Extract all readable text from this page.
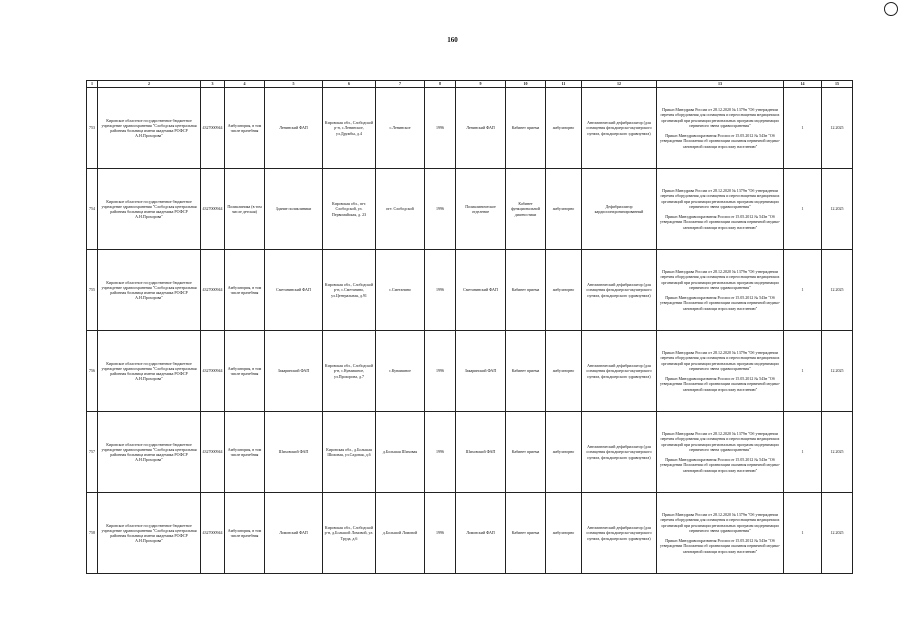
160
1	2	3	4	5	6	7	8	9	10	11	12	13	14	15
753	Кировское областное государственное бюджетное учреждение здравоохранения "Слободская центральная районная больница имени академика РОФСР А.Н.Прохорова"	4327000944	Амбулатория, в том числе врачебная	Ленинский ФАП	Кировская обл., Слободской р-н, с.Ленинское, ул.Дружбы, д.4	с.Ленинское	1996	Ленинский ФАП	Кабинет приема	амбулаторно	Автоматический дефибриллятор (для оснащения фельдшерско-акушерского пункта, фельдшерского здравпункта)	Приказ Минздрава России от 28.12.2020 № 1379н "Об утверждении перечня оборудования для оснащения и переоснащения медицинских организаций при реализации региональных программ модернизации первичного звена здравоохранения"
Приказ Минздравсоцразвития России от 15.05.2012 № 543н "Об утверждении Положения об организации оказания первичной медико-санитарной помощи взрослому населению"	1	12.2025
754	Кировское областное государственное бюджетное учреждение здравоохранения "Слободская центральная районная больница имени академика РОФСР А.Н.Прохорова"	4327000944	Поликлиника (в том числе детская)	Здание поликлиники	Кировская обл., пгт. Слободской, ул. Первомайская, д. 23	пгт. Слободской	1996	Поликлиническое отделение	Кабинет функциональной диагностики	амбулаторно	Дефибриллятор кардиосинхронизированный	Приказ Минздрава России от 28.12.2020 № 1379н "Об утверждении перечня оборудования для оснащения и переоснащения медицинских организаций при реализации региональных программ модернизации первичного звена здравоохранения"
Приказ Минздравсоцразвития России от 15.05.2012 № 543н "Об утверждении Положения об организации оказания первичной медико-санитарной помощи взрослому населению"	1	12.2025
755	Кировское областное государственное бюджетное учреждение здравоохранения "Слободская центральная районная больница имени академика РОФСР А.Н.Прохорова"	4327000944	Амбулатория, в том числе врачебная	Сметанинский ФАП	Кировская обл., Слободской р-н, с.Сметанино, ул.Центральная, д.91	с.Сметанино	1996	Сметанинский ФАП	Кабинет приема	амбулаторно	Автоматический дефибриллятор (для оснащения фельдшерско-акушерского пункта, фельдшерского здравпункта)	Приказ Минздрава России от 28.12.2020 № 1379н "Об утверждении перечня оборудования для оснащения и переоснащения медицинских организаций при реализации региональных программ модернизации первичного звена здравоохранения"
Приказ Минздравсоцразвития России от 15.05.2012 № 543н "Об утверждении Положения об организации оказания первичной медико-санитарной помощи взрослому населению"	1	12.2025
756	Кировское областное государственное бюджетное учреждение здравоохранения "Слободская центральная районная больница имени академика РОФСР А.Н.Прохорова"	4327000944	Амбулатория, в том числе врачебная	Закаринский ФАП	Кировская обл., Слободской р-н, с.Куваишное, ул.Прохорова, д.7	с.Куваишное	1996	Закаринский ФАП	Кабинет приема	амбулаторно	Автоматический дефибриллятор (для оснащения фельдшерско-акушерского пункта, фельдшерского здравпункта)	Приказ Минздрава России от 28.12.2020 № 1379н "Об утверждении перечня оборудования для оснащения и переоснащения медицинских организаций при реализации региональных программ модернизации первичного звена здравоохранения"
Приказ Минздравсоцразвития России от 15.05.2012 № 543н "Об утверждении Положения об организации оказания первичной медико-санитарной помощи взрослому населению"	1	12.2025
757	Кировское областное государственное бюджетное учреждение здравоохранения "Слободская центральная районная больница имени академика РОФСР А.Н.Прохорова"	4327000944	Амбулатория, в том числе врачебная	Шиховский ФАП	Кировская обл., д.Большая Шиховая, ул.Садовая, д.6	д.Большая Шиховая	1996	Шиховский ФАП	Кабинет приема	амбулаторно	Автоматический дефибриллятор (для оснащения фельдшерско-акушерского пункта, фельдшерского здравпункта)	Приказ Минздрава России от 28.12.2020 № 1379н "Об утверждении перечня оборудования для оснащения и переоснащения медицинских организаций при реализации региональных программ модернизации первичного звена здравоохранения"
Приказ Минздравсоцразвития России от 15.05.2012 № 543н "Об утверждении Положения об организации оказания первичной медико-санитарной помощи взрослому населению"	1	12.2025
758	Кировское областное государственное бюджетное учреждение здравоохранения "Слободская центральная районная больница имени академика РОФСР А.Н.Прохорова"	4327000944	Амбулатория, в том числе врачебная	Ломовский ФАП	Кировская обл., Слободской р-н, д.Большой Ломовой, ул. Труда, д.6	д.Большой Ломовой	1996	Ломовский ФАП	Кабинет приема	амбулаторно	Автоматический дефибриллятор (для оснащения фельдшерско-акушерского пункта, фельдшерского здравпункта)	Приказ Минздрава России от 28.12.2020 № 1379н "Об утверждении перечня оборудования для оснащения и переоснащения медицинских организаций при реализации региональных программ модернизации первичного звена здравоохранения"
Приказ Минздравсоцразвития России от 15.05.2012 № 543н "Об утверждении Положения об организации оказания первичной медико-санитарной помощи взрослому населению"	1	12.2025
